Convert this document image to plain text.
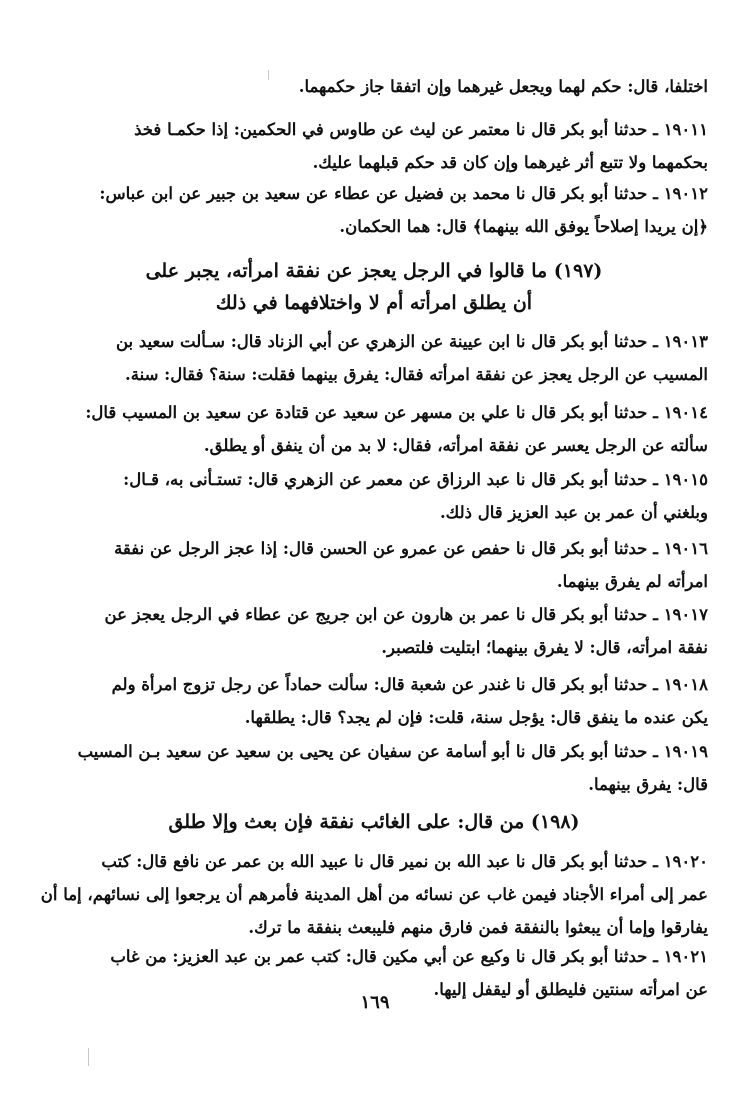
اختلفا، قال: حكم لهما ويجعل غيرهما وإن اتفقا جاز حكمهما.
١٩٠١١ ـ حدثنا أبو بكر قال نا معتمر عن ليث عن طاوس في الحكمين: إذا حكمـا فخذ
بحكمهما ولا تتبع أثر غيرهما وإن كان قد حكم قبلهما عليك.
١٩٠١٢ ـ حدثنا أبو بكر قال نا محمد بن فضيل عن عطاء عن سعيد بن جبير عن ابن عباس:
﴿إن يريدا إصلاحاً يوفق الله بينهما﴾ قال: هما الحكمان.
(١٩٧) ما قالوا في الرجل يعجز عن نفقة امرأته، يجبر على
أن يطلق امرأته أم لا واختلافهما في ذلك
١٩٠١٣ ـ حدثنا أبو بكر قال نا ابن عيينة عن الزهري عن أبي الزناد قال: سـألت سعيد بن
المسيب عن الرجل يعجز عن نفقة امرأته فقال: يفرق بينهما فقلت: سنة؟ فقال: سنة.
١٩٠١٤ ـ حدثنا أبو بكر قال نا علي بن مسهر عن سعيد عن قتادة عن سعيد بن المسيب قال:
سألته عن الرجل يعسر عن نفقة امرأته، فقال: لا بد من أن ينفق أو يطلق.
١٩٠١٥ ـ حدثنا أبو بكر قال نا عبد الرزاق عن معمر عن الزهري قال: تستـأنى به، قـال:
وبلغني أن عمر بن عبد العزيز قال ذلك.
١٩٠١٦ ـ حدثنا أبو بكر قال نا حفص عن عمرو عن الحسن قال: إذا عجز الرجل عن نفقة
امرأته لم يفرق بينهما.
١٩٠١٧ ـ حدثنا أبو بكر قال نا عمر بن هارون عن ابن جريج عن عطاء في الرجل يعجز عن
نفقة امرأته، قال: لا يفرق بينهما؛ ابتليت فلتصبر.
١٩٠١٨ ـ حدثنا أبو بكر قال نا غندر عن شعبة قال: سألت حماداً عن رجل تزوج امرأة ولم
يكن عنده ما ينفق قال: يؤجل سنة، قلت: فإن لم يجد؟ قال: يطلقها.
١٩٠١٩ ـ حدثنا أبو بكر قال نا أبو أسامة عن سفيان عن يحيى بن سعيد عن سعيد بـن المسيب
قال: يفرق بينهما.
(١٩٨) من قال: على الغائب نفقة فإن بعث وإلا طلق
١٩٠٢٠ ـ حدثنا أبو بكر قال نا عبد الله بن نمير قال نا عبيد الله بن عمر عن نافع قال: كتب
عمر إلى أمراء الأجناد فيمن غاب عن نسائه من أهل المدينة فأمرهم أن يرجعوا إلى نسائهم، إما أن
يفارقوا وإما أن يبعثوا بالنفقة فمن فارق منهم فليبعث بنفقة ما ترك.
١٩٠٢١ ـ حدثنا أبو بكر قال نا وكيع عن أبي مكين قال: كتب عمر بن عبد العزيز: من غاب
عن امرأته سنتين فليطلق أو ليقفل إليها.
١٦٩
